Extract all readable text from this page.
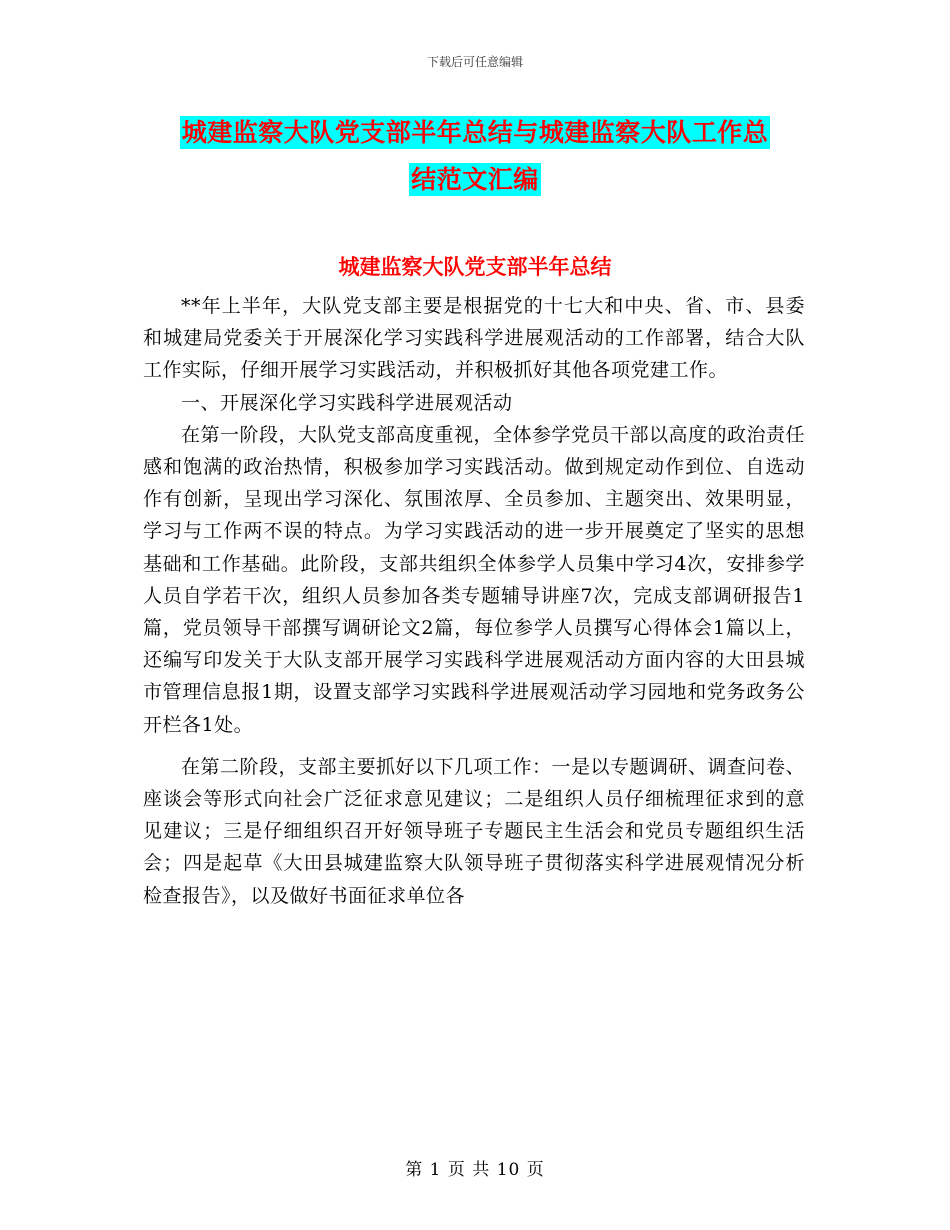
下载后可任意编辑
城建监察大队党支部半年总结与城建监察大队工作总
结范文汇编
城建监察大队党支部半年总结

**年上半年，大队党支部主要是根据党的十七大和中央、省、市、县委和城建局党委关于开展深化学习实践科学进展观活动的工作部署，结合大队工作实际，仔细开展学习实践活动，并积极抓好其他各项党建工作。

一、开展深化学习实践科学进展观活动

在第一阶段，大队党支部高度重视，全体参学党员干部以高度的政治责任感和饱满的政治热情，积极参加学习实践活动。做到规定动作到位、自选动作有创新，呈现出学习深化、氛围浓厚、全员参加、主题突出、效果明显，学习与工作两不误的特点。为学习实践活动的进一步开展奠定了坚实的思想基础和工作基础。此阶段，支部共组织全体参学人员集中学习4次，安排参学人员自学若干次，组织人员参加各类专题辅导讲座7次，完成支部调研报告1篇，党员领导干部撰写调研论文2篇，每位参学人员撰写心得体会1篇以上，还编写印发关于大队支部开展学习实践科学进展观活动方面内容的大田县城市管理信息报1期，设置支部学习实践科学进展观活动学习园地和党务政务公开栏各1处。

在第二阶段，支部主要抓好以下几项工作：一是以专题调研、调查问卷、座谈会等形式向社会广泛征求意见建议；二是组织人员仔细梳理征求到的意见建议；三是仔细组织召开好领导班子专题民主生活会和党员专题组织生活会；四是起草《大田县城建监察大队领导班子贯彻落实科学进展观情况分析检查报告》，以及做好书面征求单位各

第 1 页 共 10 页
